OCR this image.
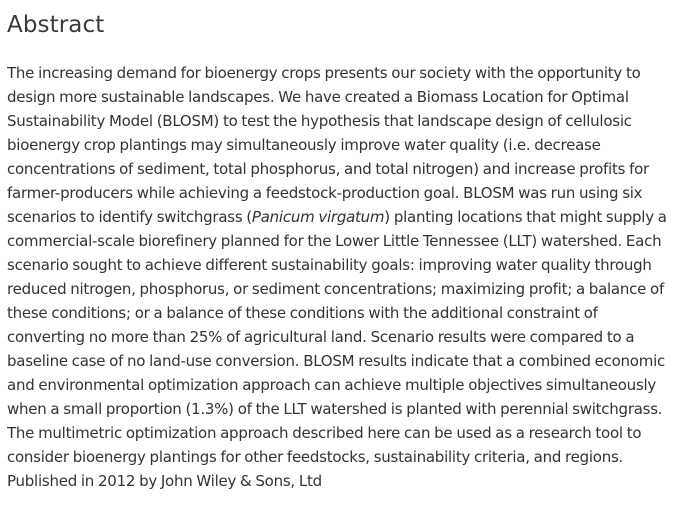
Abstract

The increasing demand for bioenergy crops presents our society with the opportunity to design more sustainable landscapes. We have created a Biomass Location for Optimal Sustainability Model (BLOSM) to test the hypothesis that landscape design of cellulosic bioenergy crop plantings may simultaneously improve water quality (i.e. decrease concentrations of sediment, total phosphorus, and total nitrogen) and increase profits for farmer-producers while achieving a feedstock-production goal. BLOSM was run using six scenarios to identify switchgrass (Panicum virgatum) planting locations that might supply a commercial-scale biorefinery planned for the Lower Little Tennessee (LLT) watershed. Each scenario sought to achieve different sustainability goals: improving water quality through reduced nitrogen, phosphorus, or sediment concentrations; maximizing profit; a balance of these conditions; or a balance of these conditions with the additional constraint of converting no more than 25% of agricultural land. Scenario results were compared to a baseline case of no land-use conversion. BLOSM results indicate that a combined economic and environmental optimization approach can achieve multiple objectives simultaneously when a small proportion (1.3%) of the LLT watershed is planted with perennial switchgrass. The multimetric optimization approach described here can be used as a research tool to consider bioenergy plantings for other feedstocks, sustainability criteria, and regions. Published in 2012 by John Wiley & Sons, Ltd
